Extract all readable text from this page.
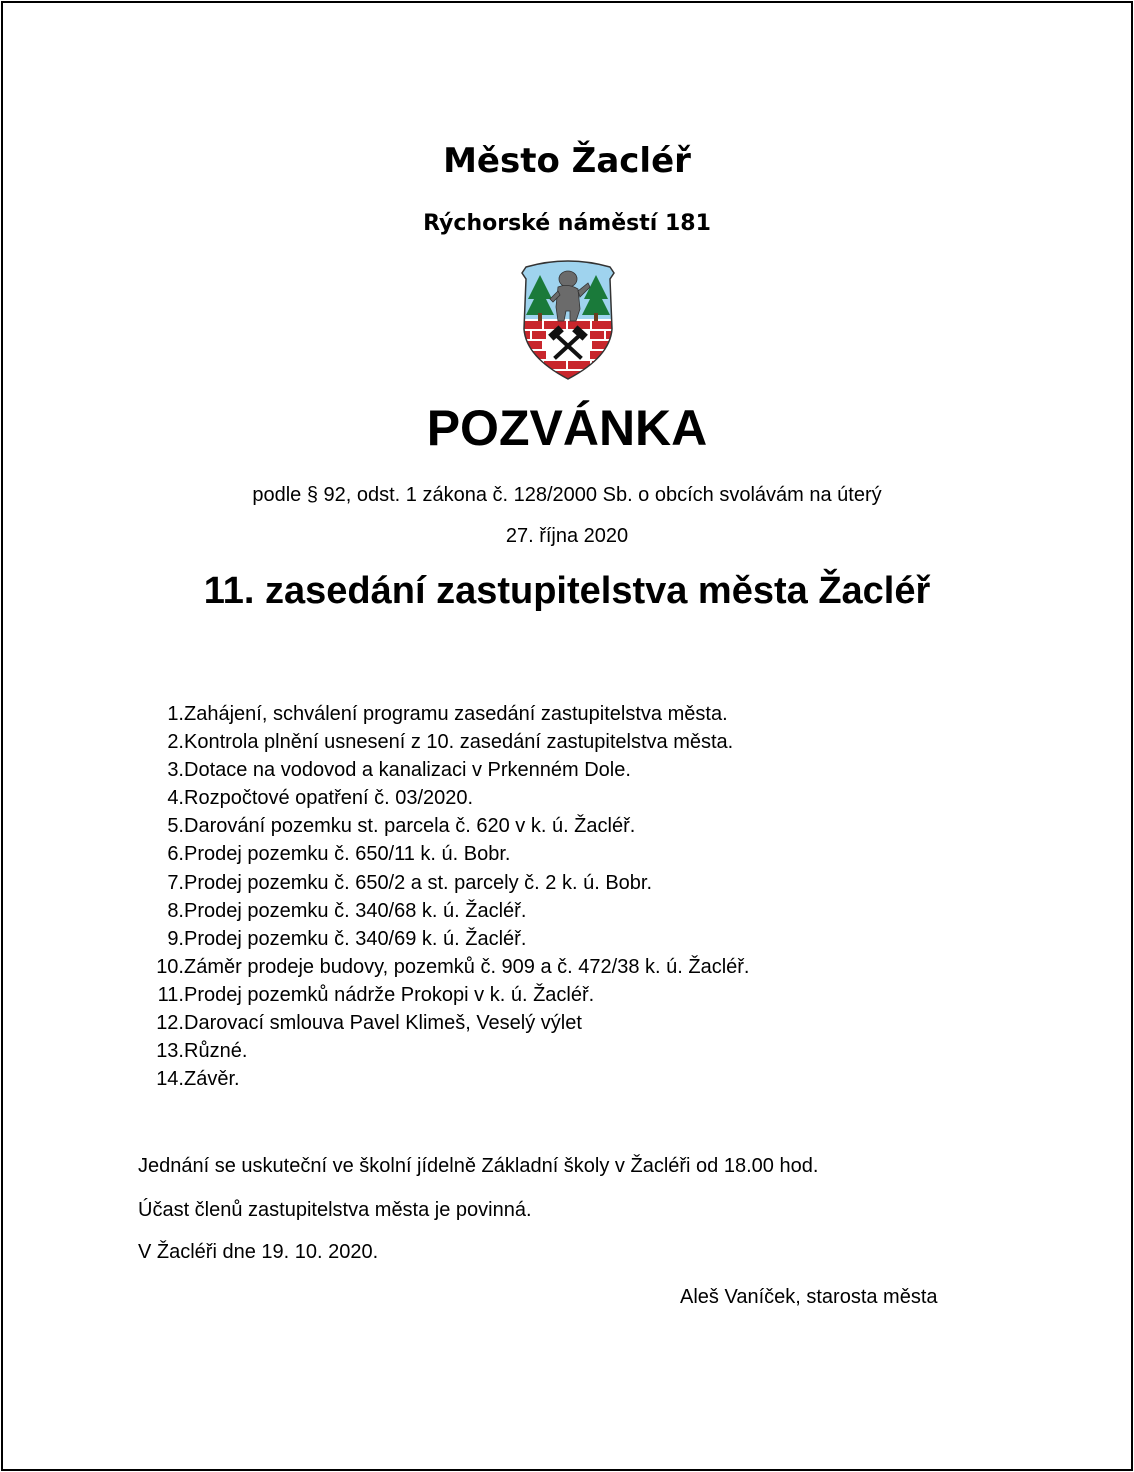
Město Žacléř
Rýchorské náměstí 181
POZVÁNKA
podle § 92, odst. 1 zákona č. 128/2000 Sb. o obcích svolávám na úterý
27. října 2020
11. zasedání zastupitelstva města Žacléř
1. Zahájení, schválení programu zasedání zastupitelstva města.
2. Kontrola plnění usnesení z 10. zasedání zastupitelstva města.
3. Dotace na vodovod a kanalizaci v Prkenném Dole.
4. Rozpočtové opatření č. 03/2020.
5. Darování pozemku st. parcela č. 620 v k. ú. Žacléř.
6. Prodej pozemku č. 650/11 k. ú. Bobr.
7. Prodej pozemku č. 650/2 a st. parcely č. 2 k. ú. Bobr.
8. Prodej pozemku č. 340/68 k. ú. Žacléř.
9. Prodej pozemku č. 340/69 k. ú. Žacléř.
10. Záměr prodeje budovy, pozemků č. 909 a č. 472/38 k. ú. Žacléř.
11. Prodej pozemků nádrže Prokopi v k. ú. Žacléř.
12. Darovací smlouva Pavel Klimeš, Veselý výlet
13. Různé.
14. Závěr.
Jednání se uskuteční ve školní jídelně Základní školy v Žacléři od 18.00 hod.
Účast členů zastupitelstva města je povinná.
V Žacléři dne 19. 10. 2020.
Aleš Vaníček, starosta města
